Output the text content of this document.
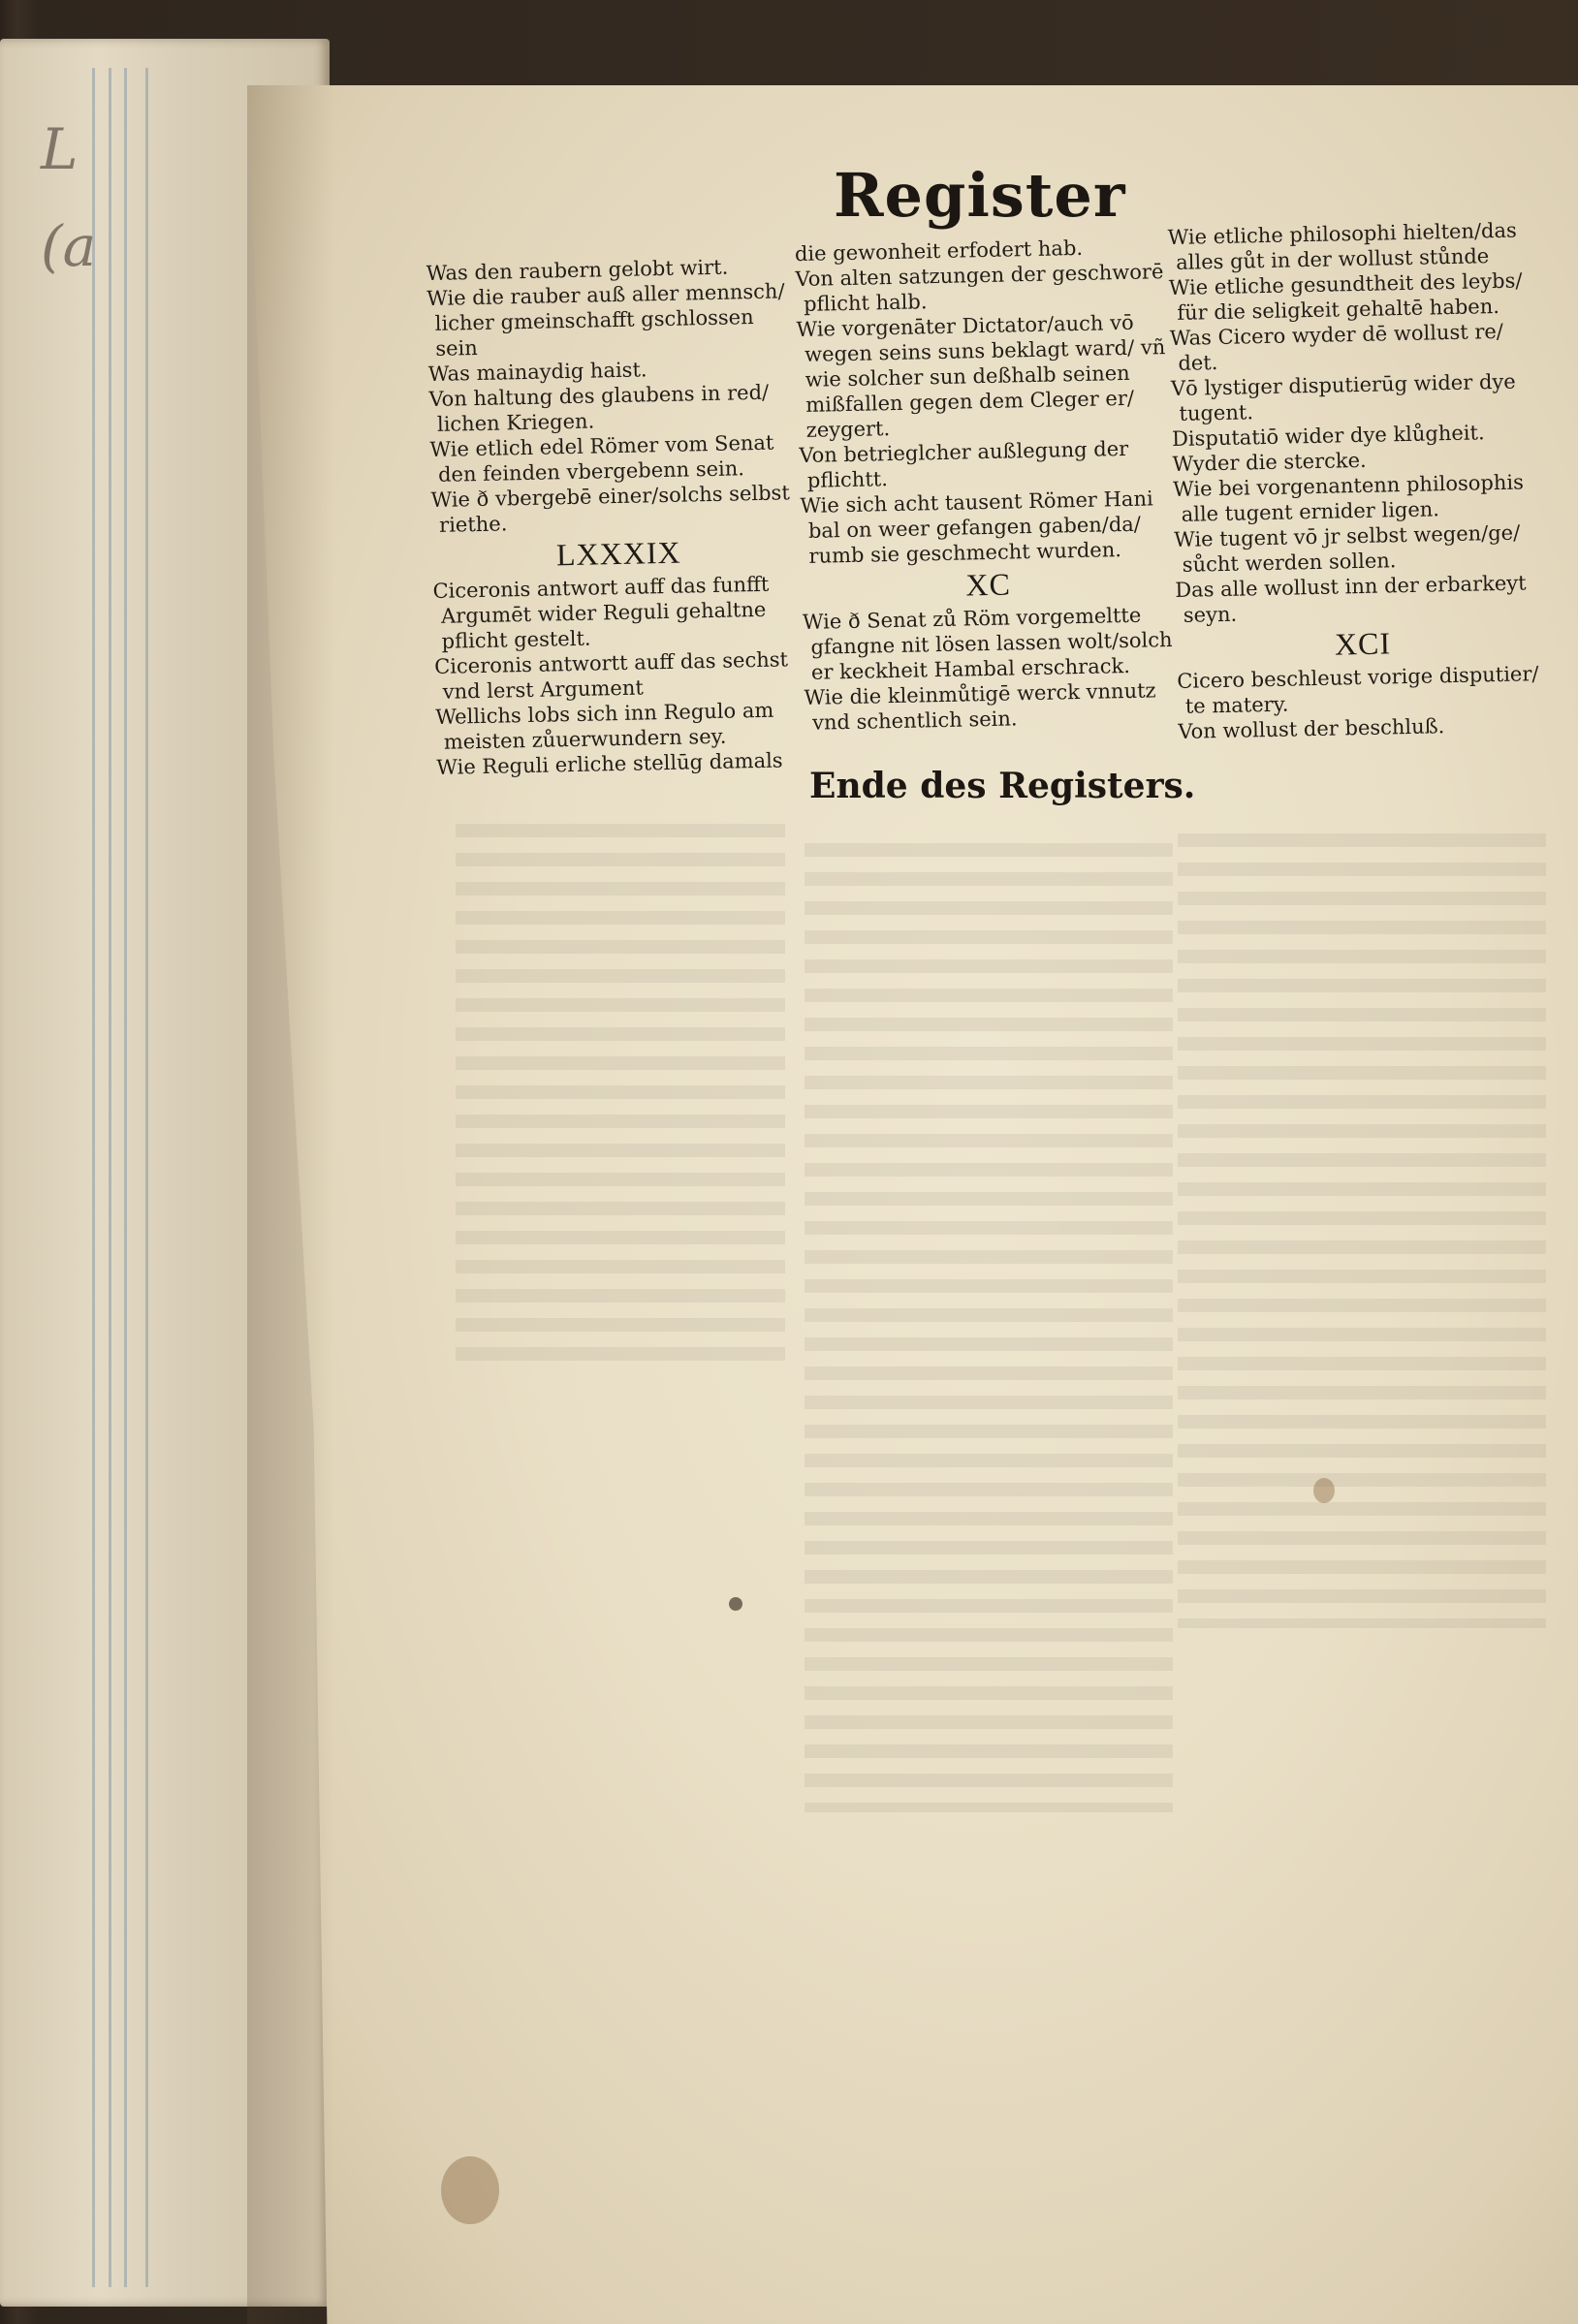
L
(a
Register

Was den raubern gelobt wirt.

Wie die rauber auß aller mennsch/ licher gmeinschafft gschlossen sein

Was mainaydig haist.

Von haltung des glaubens in red/ lichen Kriegen.

Wie etlich edel Römer vom Senat den feinden vbergebenn sein.

Wie ð vbergebē einer/solchs selbst riethe.

LXXXIX

Ciceronis antwort auff das funfft Argumēt wider Reguli gehaltne pflicht gestelt.

Ciceronis antwortt auff das sechst vnd lerst Argument

Wellichs lobs sich inn Regulo am meisten zůuerwundern sey.

Wie Reguli erliche stellūg damals

die gewonheit erfodert hab.

Von alten satzungen der geschworē pflicht halb.

Wie vorgenāter Dictator/auch vō wegen seins suns beklagt ward/ vñ wie solcher sun deßhalb seinen mißfallen gegen dem Cleger er/ zeygert.

Von betrieglcher außlegung der pflichtt.

Wie sich acht tausent Römer Hani bal on weer gefangen gaben/da/ rumb sie geschmecht wurden.

XC

Wie ð Senat zů Röm vorgemeltte gfangne nit lösen lassen wolt/solch er keckheit Hambal erschrack.

Wie die kleinmůtigē werck vnnutz vnd schentlich sein.

Wie etliche philosophi hielten/das alles gůt in der wollust stůnde

Wie etliche gesundtheit des leybs/ für die seligkeit gehaltē haben.

Was Cicero wyder dē wollust re/ det.

Vō lystiger disputierūg wider dye tugent.

Disputatiō wider dye klůgheit.

Wyder die stercke.

Wie bei vorgenantenn philosophis alle tugent ernider ligen.

Wie tugent vō jr selbst wegen/ge/ sůcht werden sollen.

Das alle wollust inn der erbarkeyt seyn.

XCI

Cicero beschleust vorige disputier/ te matery.

Von wollust der beschluß.

Ende des Registers.
